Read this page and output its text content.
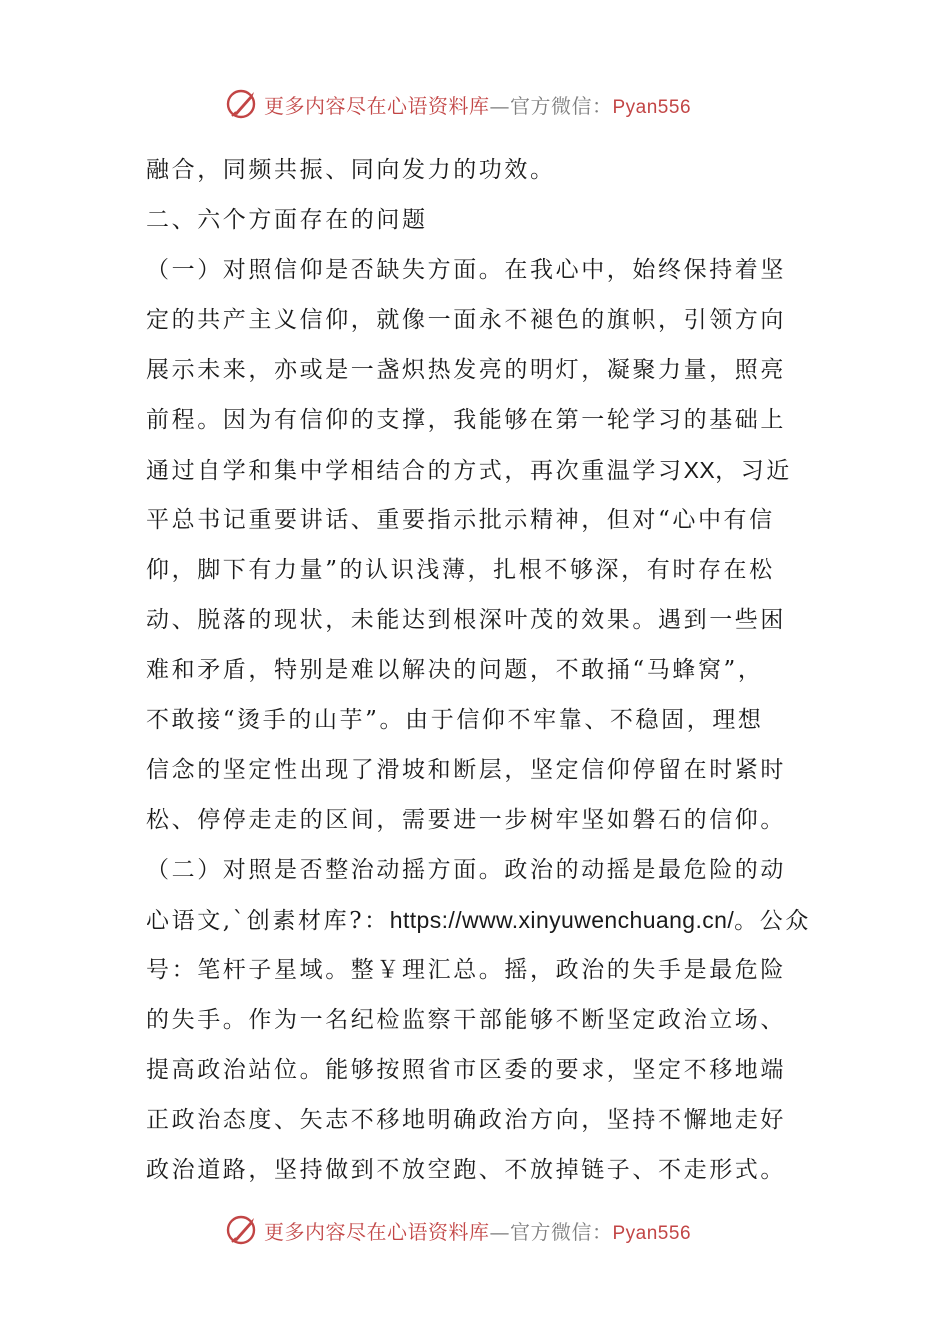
更多内容尽在心语资料库—官方微信：Pyan556
融合，同频共振、同向发力的功效。
二、六个方面存在的问题
（一）对照信仰是否缺失方面。在我心中，始终保持着坚
定的共产主义信仰，就像一面永不褪色的旗帜，引领方向
展示未来，亦或是一盏炽热发亮的明灯，凝聚力量，照亮
前程。因为有信仰的支撑，我能够在第一轮学习的基础上
通过自学和集中学相结合的方式，再次重温学习XX，习近
平总书记重要讲话、重要指示批示精神，但对“心中有信
仰，脚下有力量”的认识浅薄，扎根不够深，有时存在松
动、脱落的现状，未能达到根深叶茂的效果。遇到一些困
难和矛盾，特别是难以解决的问题，不敢捅“马蜂窝”，
不敢接“烫手的山芋”。由于信仰不牢靠、不稳固，理想
信念的坚定性出现了滑坡和断层，坚定信仰停留在时紧时
松、停停走走的区间，需要进一步树牢坚如磐石的信仰。
（二）对照是否整治动摇方面。政治的动摇是最危险的动
心语文,`创素材库?：https://www.xinyuwenchuang.cn/。公众
号：笔杆子星域。整￥理汇总。摇，政治的失手是最危险
的失手。作为一名纪检监察干部能够不断坚定政治立场、
提高政治站位。能够按照省市区委的要求，坚定不移地端
正政治态度、矢志不移地明确政治方向，坚持不懈地走好
政治道路，坚持做到不放空跑、不放掉链子、不走形式。
更多内容尽在心语资料库—官方微信：Pyan556
